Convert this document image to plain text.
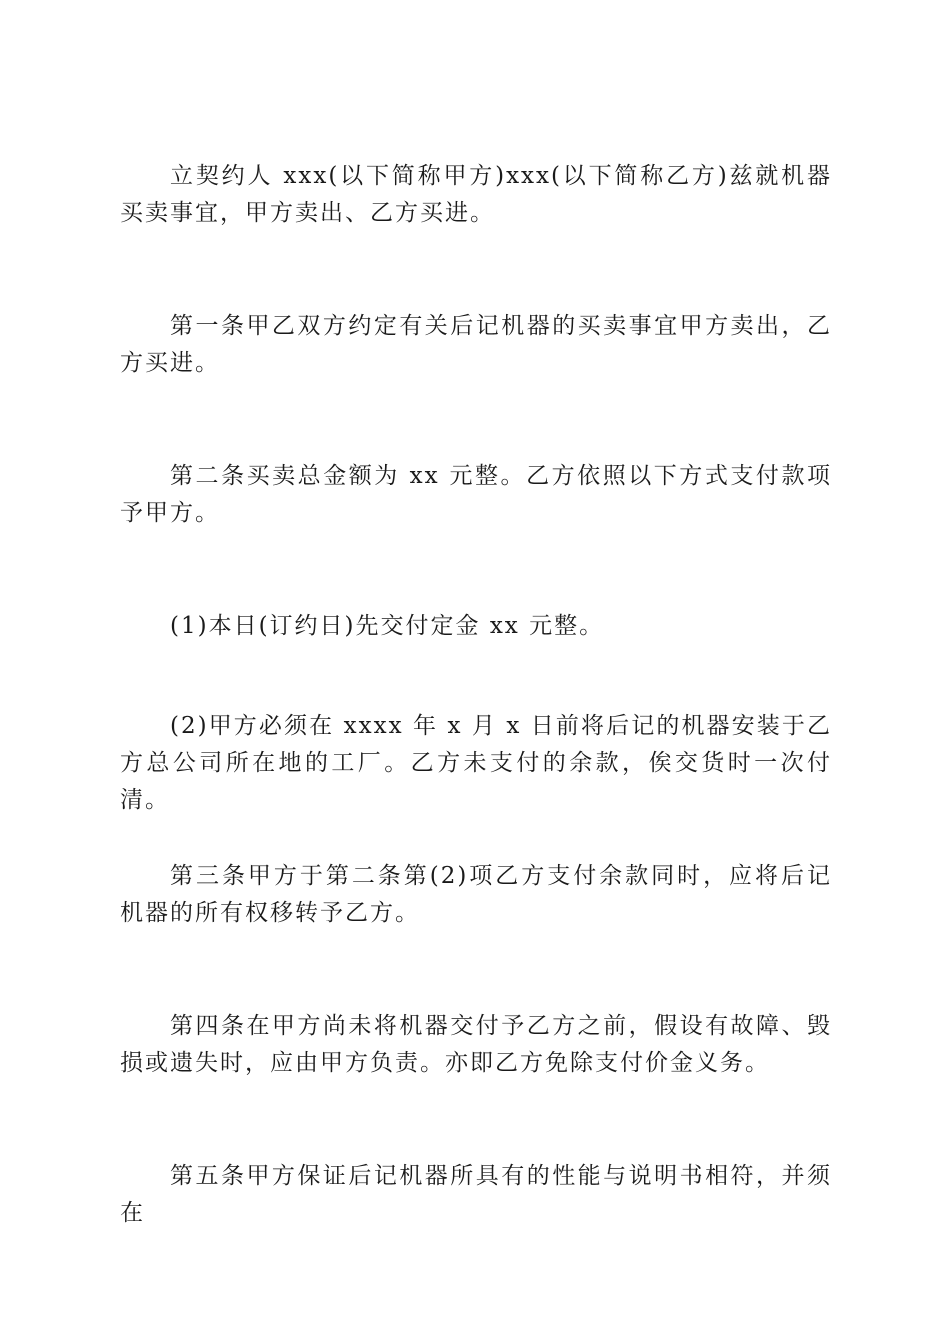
立契约人 xxx(以下简称甲方)xxx(以下简称乙方)兹就机器买卖事宜，甲方卖出、乙方买进。

第一条甲乙双方约定有关后记机器的买卖事宜甲方卖出，乙方买进。

第二条买卖总金额为 xx 元整。乙方依照以下方式支付款项予甲方。

(1)本日(订约日)先交付定金 xx 元整。

(2)甲方必须在 xxxx 年 x 月 x 日前将后记的机器安装于乙方总公司所在地的工厂。乙方未支付的余款，俟交货时一次付清。

第三条甲方于第二条第(2)项乙方支付余款同时，应将后记机器的所有权移转予乙方。

第四条在甲方尚未将机器交付予乙方之前，假设有故障、毁损或遗失时，应由甲方负责。亦即乙方免除支付价金义务。

第五条甲方保证后记机器所具有的性能与说明书相符，并须在
